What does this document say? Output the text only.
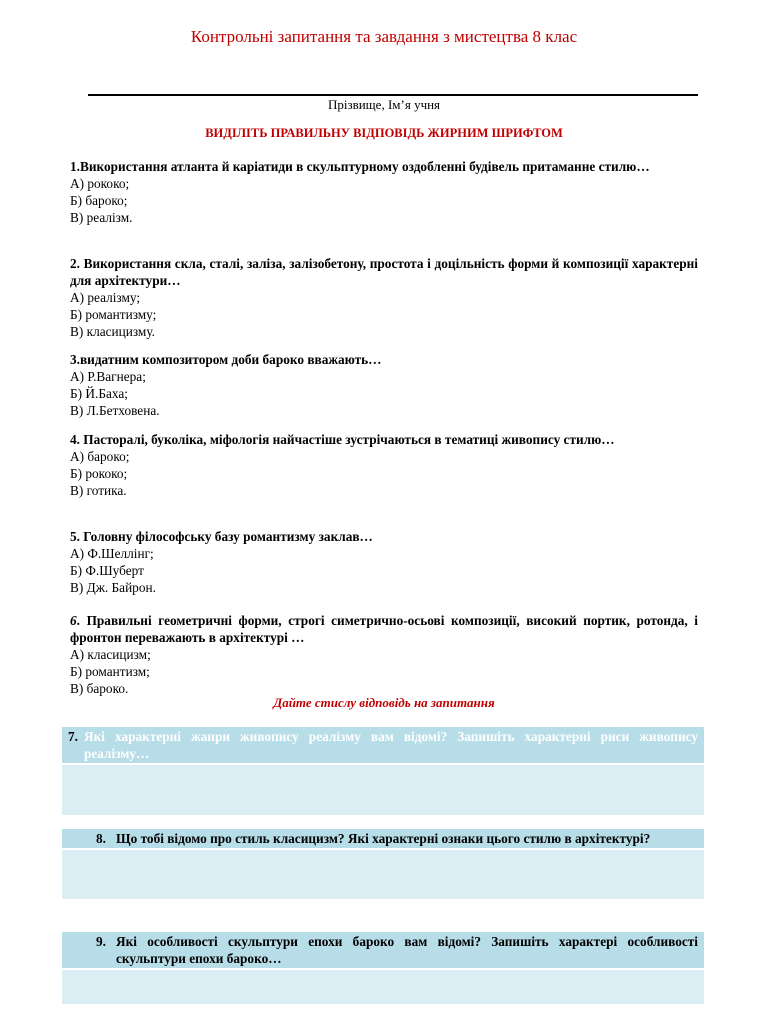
Контрольні запитання та завдання з мистецтва 8 клас
Прізвище, Ім’я учня
ВИДІЛІТЬ ПРАВИЛЬНУ ВІДПОВІДЬ ЖИРНИМ ШРИФТОМ
1.Використання атланта й каріатиди в скульптурному оздобленні будівель притаманне стилю…
А) рококо;
Б) бароко;
В) реалізм.
2. Використання скла, сталі, заліза, залізобетону, простота і доцільність форми й композиції характерні для архітектури…
А) реалізму;
Б) романтизму;
В) класицизму.
3.видатним композитором доби бароко вважають…
А) Р.Вагнера;
Б) Й.Баха;
В) Л.Бетховена.
4. Пасторалі, буколіка, міфологія найчастіше зустрічаються в тематиці живопису стилю…
А) бароко;
Б) рококо;
В) готика.
5. Головну філософську базу романтизму заклав…
А) Ф.Шеллінг;
Б) Ф.Шуберт
В) Дж. Байрон.
6. Правильні геометричні форми, строгі симетрично-осьові композиції, високий портик, ротонда, і фронтон переважають в архітектурі …
А) класицизм;
Б) романтизм;
В) бароко.
Дайте стислу відповідь на запитання
7. Які характерні жанри живопису реалізму вам відомі? Запишіть характерні риси живопису реалізму…
8. Що тобі відомо про стиль класицизм? Які характерні ознаки цього стилю в архітектурі?
9. Які особливості скульптури епохи бароко вам відомі? Запишіть характері особливості скульптури епохи бароко…
